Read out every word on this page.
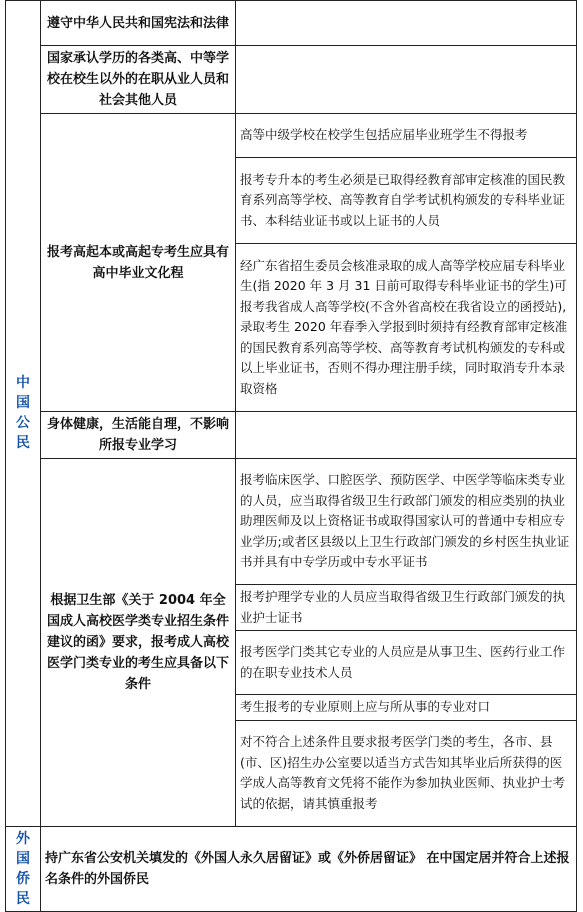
中国公民	遵守中华人民共和国宪法和法律	

	国家承认学历的各类高、中等学校在校生以外的在职从业人员和社会其他人员	

	报考高起本或高起专考生应具有高中毕业文化程	高等中级学校在校学生包括应届毕业班学生不得报考
		报考专升本的考生必须是已取得经教育部审定核准的国民教育系列高等学校、高等教育自学考试机构颁发的专科毕业证书、本科结业证书或以上证书的人员
		经广东省招生委员会核准录取的成人高等学校应届专科毕业生(指 2020 年 3 月 31 日前可取得专科毕业证书的学生)可报考我省成人高等学校(不含外省高校在我省设立的函授站),录取考生 2020 年春季入学报到时须持有经教育部审定核准的国民教育系列高等学校、高等教育考试机构颁发的专科或以上毕业证书，否则不得办理注册手续，同时取消专升本录取资格
	身体健康，生活能自理，不影响所报专业学习	

	根据卫生部《关于 2004 年全国成人高校医学类专业招生条件建议的函》要求，报考成人高校医学门类专业的考生应具备以下条件	报考临床医学、口腔医学、预防医学、中医学等临床类专业的人员，应当取得省级卫生行政部门颁发的相应类别的执业助理医师及以上资格证书或取得国家认可的普通中专相应专业学历;或者区县级以上卫生行政部门颁发的乡村医生执业证书并具有中专学历或中专水平证书
		报考护理学专业的人员应当取得省级卫生行政部门颁发的执业护士证书
		报考医学门类其它专业的人员应是从事卫生、医药行业工作的在职专业技术人员
		考生报考的专业原则上应与所从事的专业对口
		对不符合上述条件且要求报考医学门类的考生，各市、县(市、区)招生办公室要以适当方式告知其毕业后所获得的医学成人高等教育文凭将不能作为参加执业医师、执业护士考试的依据，请其慎重报考
外国侨民	持广东省公安机关填发的《外国人永久居留证》或《外侨居留证》 在中国定居并符合上述报名条件的外国侨民	
